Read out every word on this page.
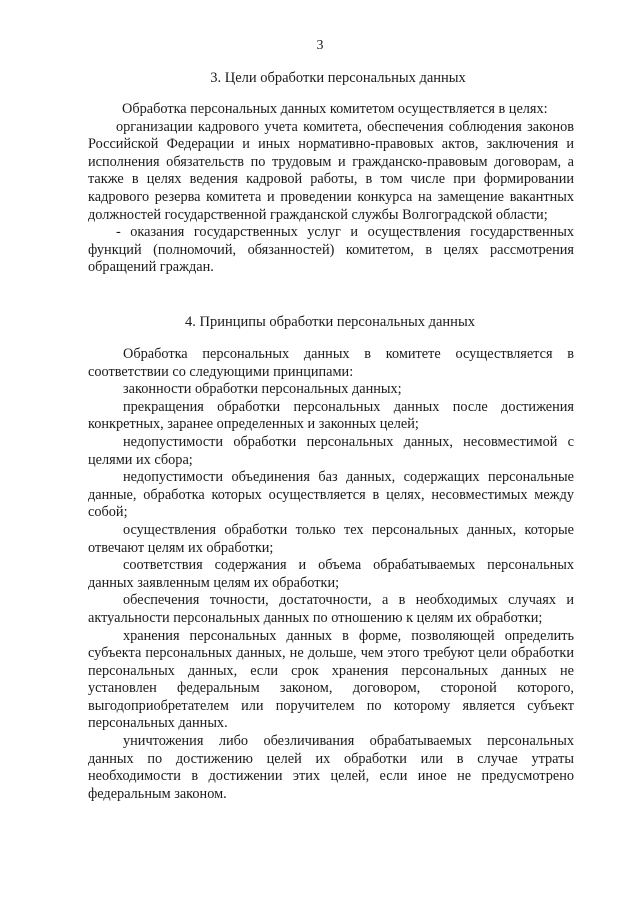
3
3. Цели обработки персональных данных

Обработка персональных данных комитетом осуществляется в целях:

организации кадрового учета комитета, обеспечения соблюдения законов Российской Федерации и иных нормативно-правовых актов, заключения и исполнения обязательств по трудовым и гражданско-правовым договорам, а также в целях ведения кадровой работы, в том числе при формировании кадрового резерва комитета и проведении конкурса на замещение вакантных должностей государственной гражданской службы Волгоградской области;

- оказания государственных услуг и осуществления государственных функций (полномочий, обязанностей) комитетом, в целях рассмотрения обращений граждан.

4. Принципы обработки персональных данных

Обработка персональных данных в комитете осуществляется в соответствии со следующими принципами:

законности обработки персональных данных;

прекращения обработки персональных данных после достижения конкретных, заранее определенных и законных целей;

недопустимости обработки персональных данных, несовместимой с целями их сбора;

недопустимости объединения баз данных, содержащих персональные данные, обработка которых осуществляется в целях, несовместимых между собой;

осуществления обработки только тех персональных данных, которые отвечают целям их обработки;

соответствия содержания и объема обрабатываемых персональных данных заявленным целям их обработки;

обеспечения точности, достаточности, а в необходимых случаях и актуальности персональных данных по отношению к целям их обработки;

хранения персональных данных в форме, позволяющей определить субъекта персональных данных, не дольше, чем этого требуют цели обработки персональных данных, если срок хранения персональных данных не установлен федеральным законом, договором, стороной которого, выгодоприобретателем или поручителем по которому является субъект персональных данных.

уничтожения либо обезличивания обрабатываемых персональных данных по достижению целей их обработки или в случае утраты необходимости в достижении этих целей, если иное не предусмотрено федеральным законом.
